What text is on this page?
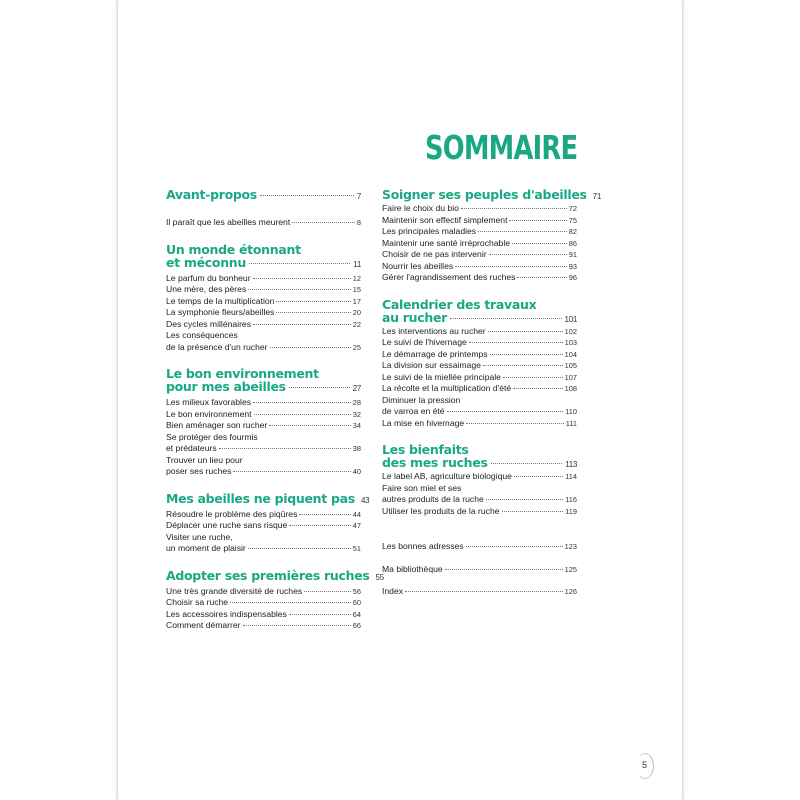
SOMMAIRE
Avant-propos	7
Il paraît que les abeilles meurent	8
Un monde étonnant
et méconnu	11
Le parfum du bonheur	12
Une mère, des pères	15
Le temps de la multiplication	17
La symphonie fleurs/abeilles	20
Des cycles millénaires	22
Les conséquences
de la présence d'un rucher	25
Le bon environnement
pour mes abeilles	27
Les milieux favorables	28
Le bon environnement	32
Bien aménager son rucher	34
Se protéger des fourmis
et prédateurs	38
Trouver un lieu pour
poser ses ruches	40
Mes abeilles ne piquent pas 43
Résoudre le problème des piqûres	44
Déplacer une ruche sans risque	47
Visiter une ruche,
un moment de plaisir	51
Adopter ses premières ruches 55
Une très grande diversité de ruches	56
Choisir sa ruche	60
Les accessoires indispensables	64
Comment démarrer	66
Soigner ses peuples d'abeilles 71
Faire le choix du bio	72
Maintenir son effectif simplement	75
Les principales maladies	82
Maintenir une santé irréprochable	86
Choisir de ne pas intervenir	91
Nourrir les abeilles	93
Gérer l'agrandissement des ruches	96
Calendrier des travaux
au rucher	101
Les interventions au rucher	102
Le suivi de l'hivernage	103
Le démarrage de printemps	104
La division sur essaimage	105
Le suivi de la miellée principale	107
La récolte et la multiplication d'été	108
Diminuer la pression
de varroa en été	110
La mise en hivernage	111
Les bienfaits
des mes ruches	113
Le label AB, agriculture biologique	114
Faire son miel et ses
autres produits de la ruche	116
Utiliser les produits de la ruche	119
Les bonnes adresses	123
Ma bibliothèque	125
Index	126
5
